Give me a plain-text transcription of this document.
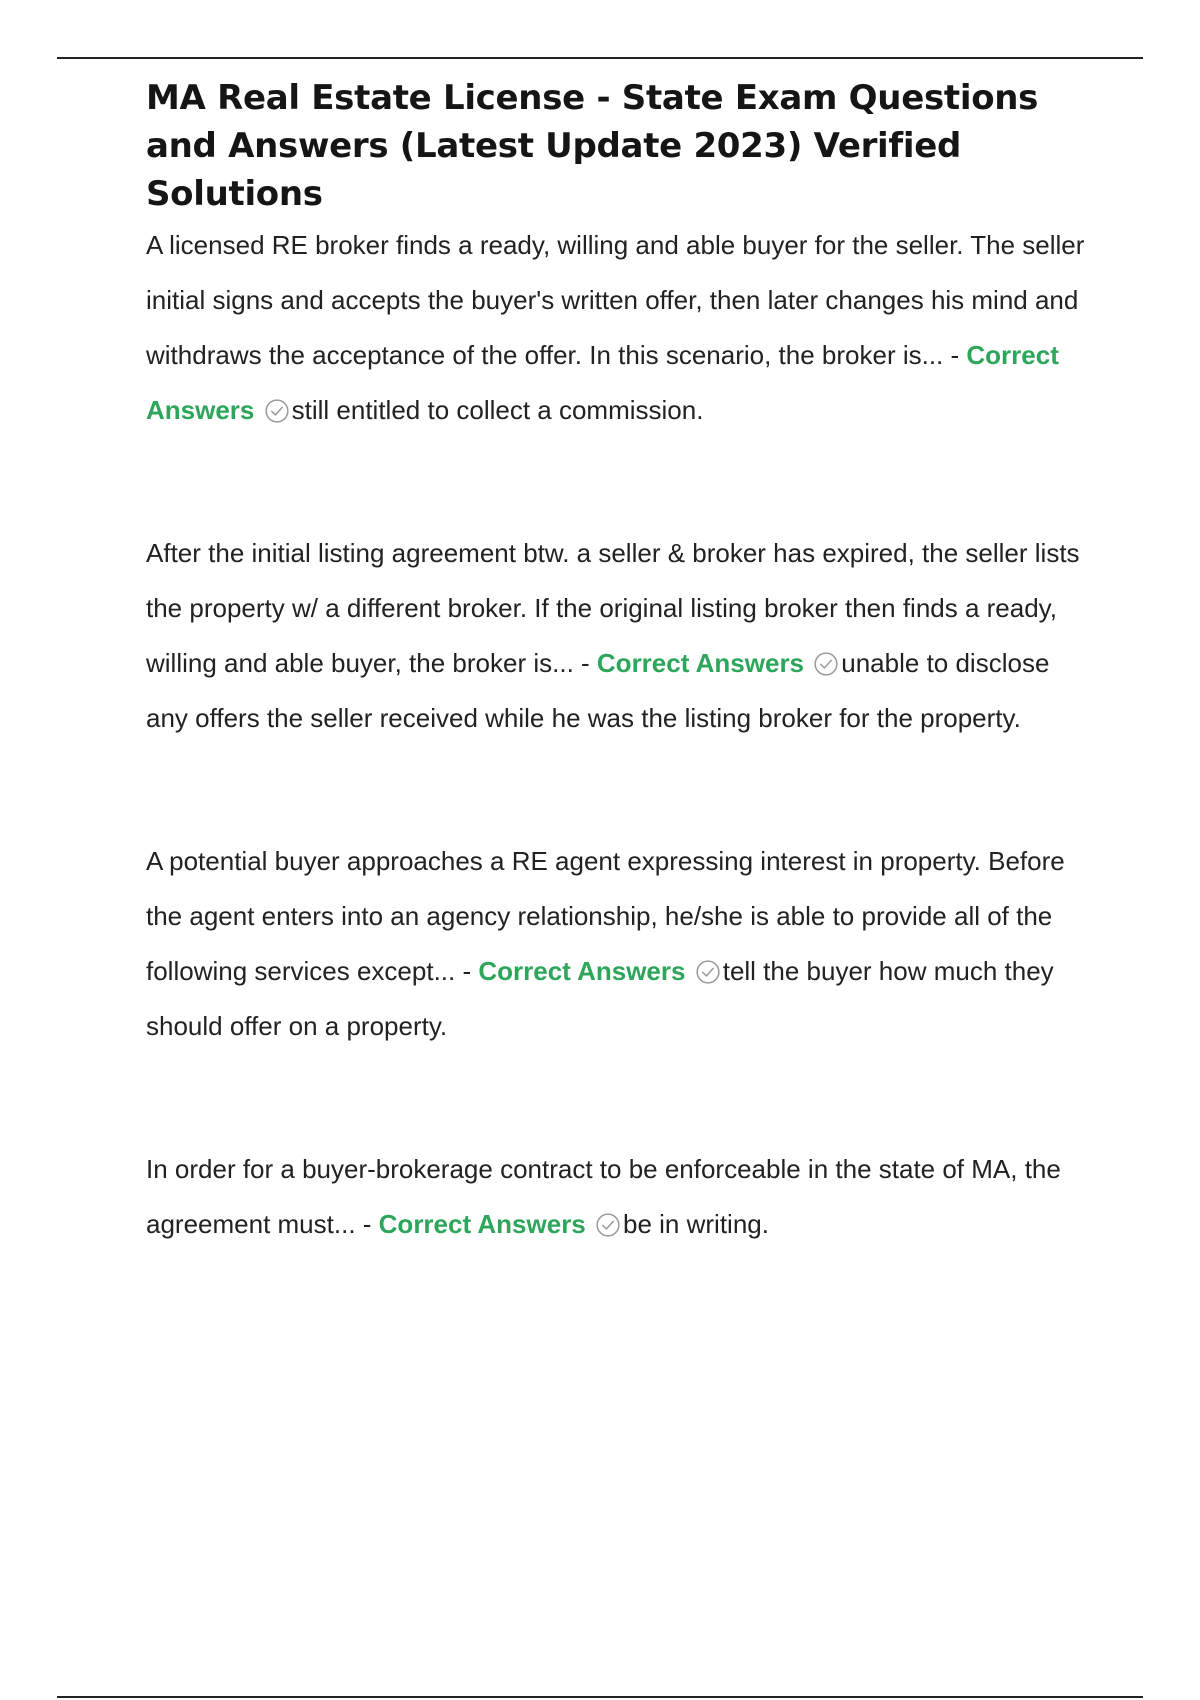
MA Real Estate License - State Exam Questions and Answers (Latest Update 2023) Verified Solutions

A licensed RE broker finds a ready, willing and able buyer for the seller. The seller initial signs and accepts the buyer's written offer, then later changes his mind and withdraws the acceptance of the offer. In this scenario, the broker is... - Correct Answers still entitled to collect a commission.

After the initial listing agreement btw. a seller & broker has expired, the seller lists the property w/ a different broker. If the original listing broker then finds a ready, willing and able buyer, the broker is... - Correct Answers unable to disclose any offers the seller received while he was the listing broker for the property.

A potential buyer approaches a RE agent expressing interest in property. Before the agent enters into an agency relationship, he/she is able to provide all of the following services except... - Correct Answers tell the buyer how much they should offer on a property.

In order for a buyer-brokerage contract to be enforceable in the state of MA, the agreement must... - Correct Answers be in writing.
